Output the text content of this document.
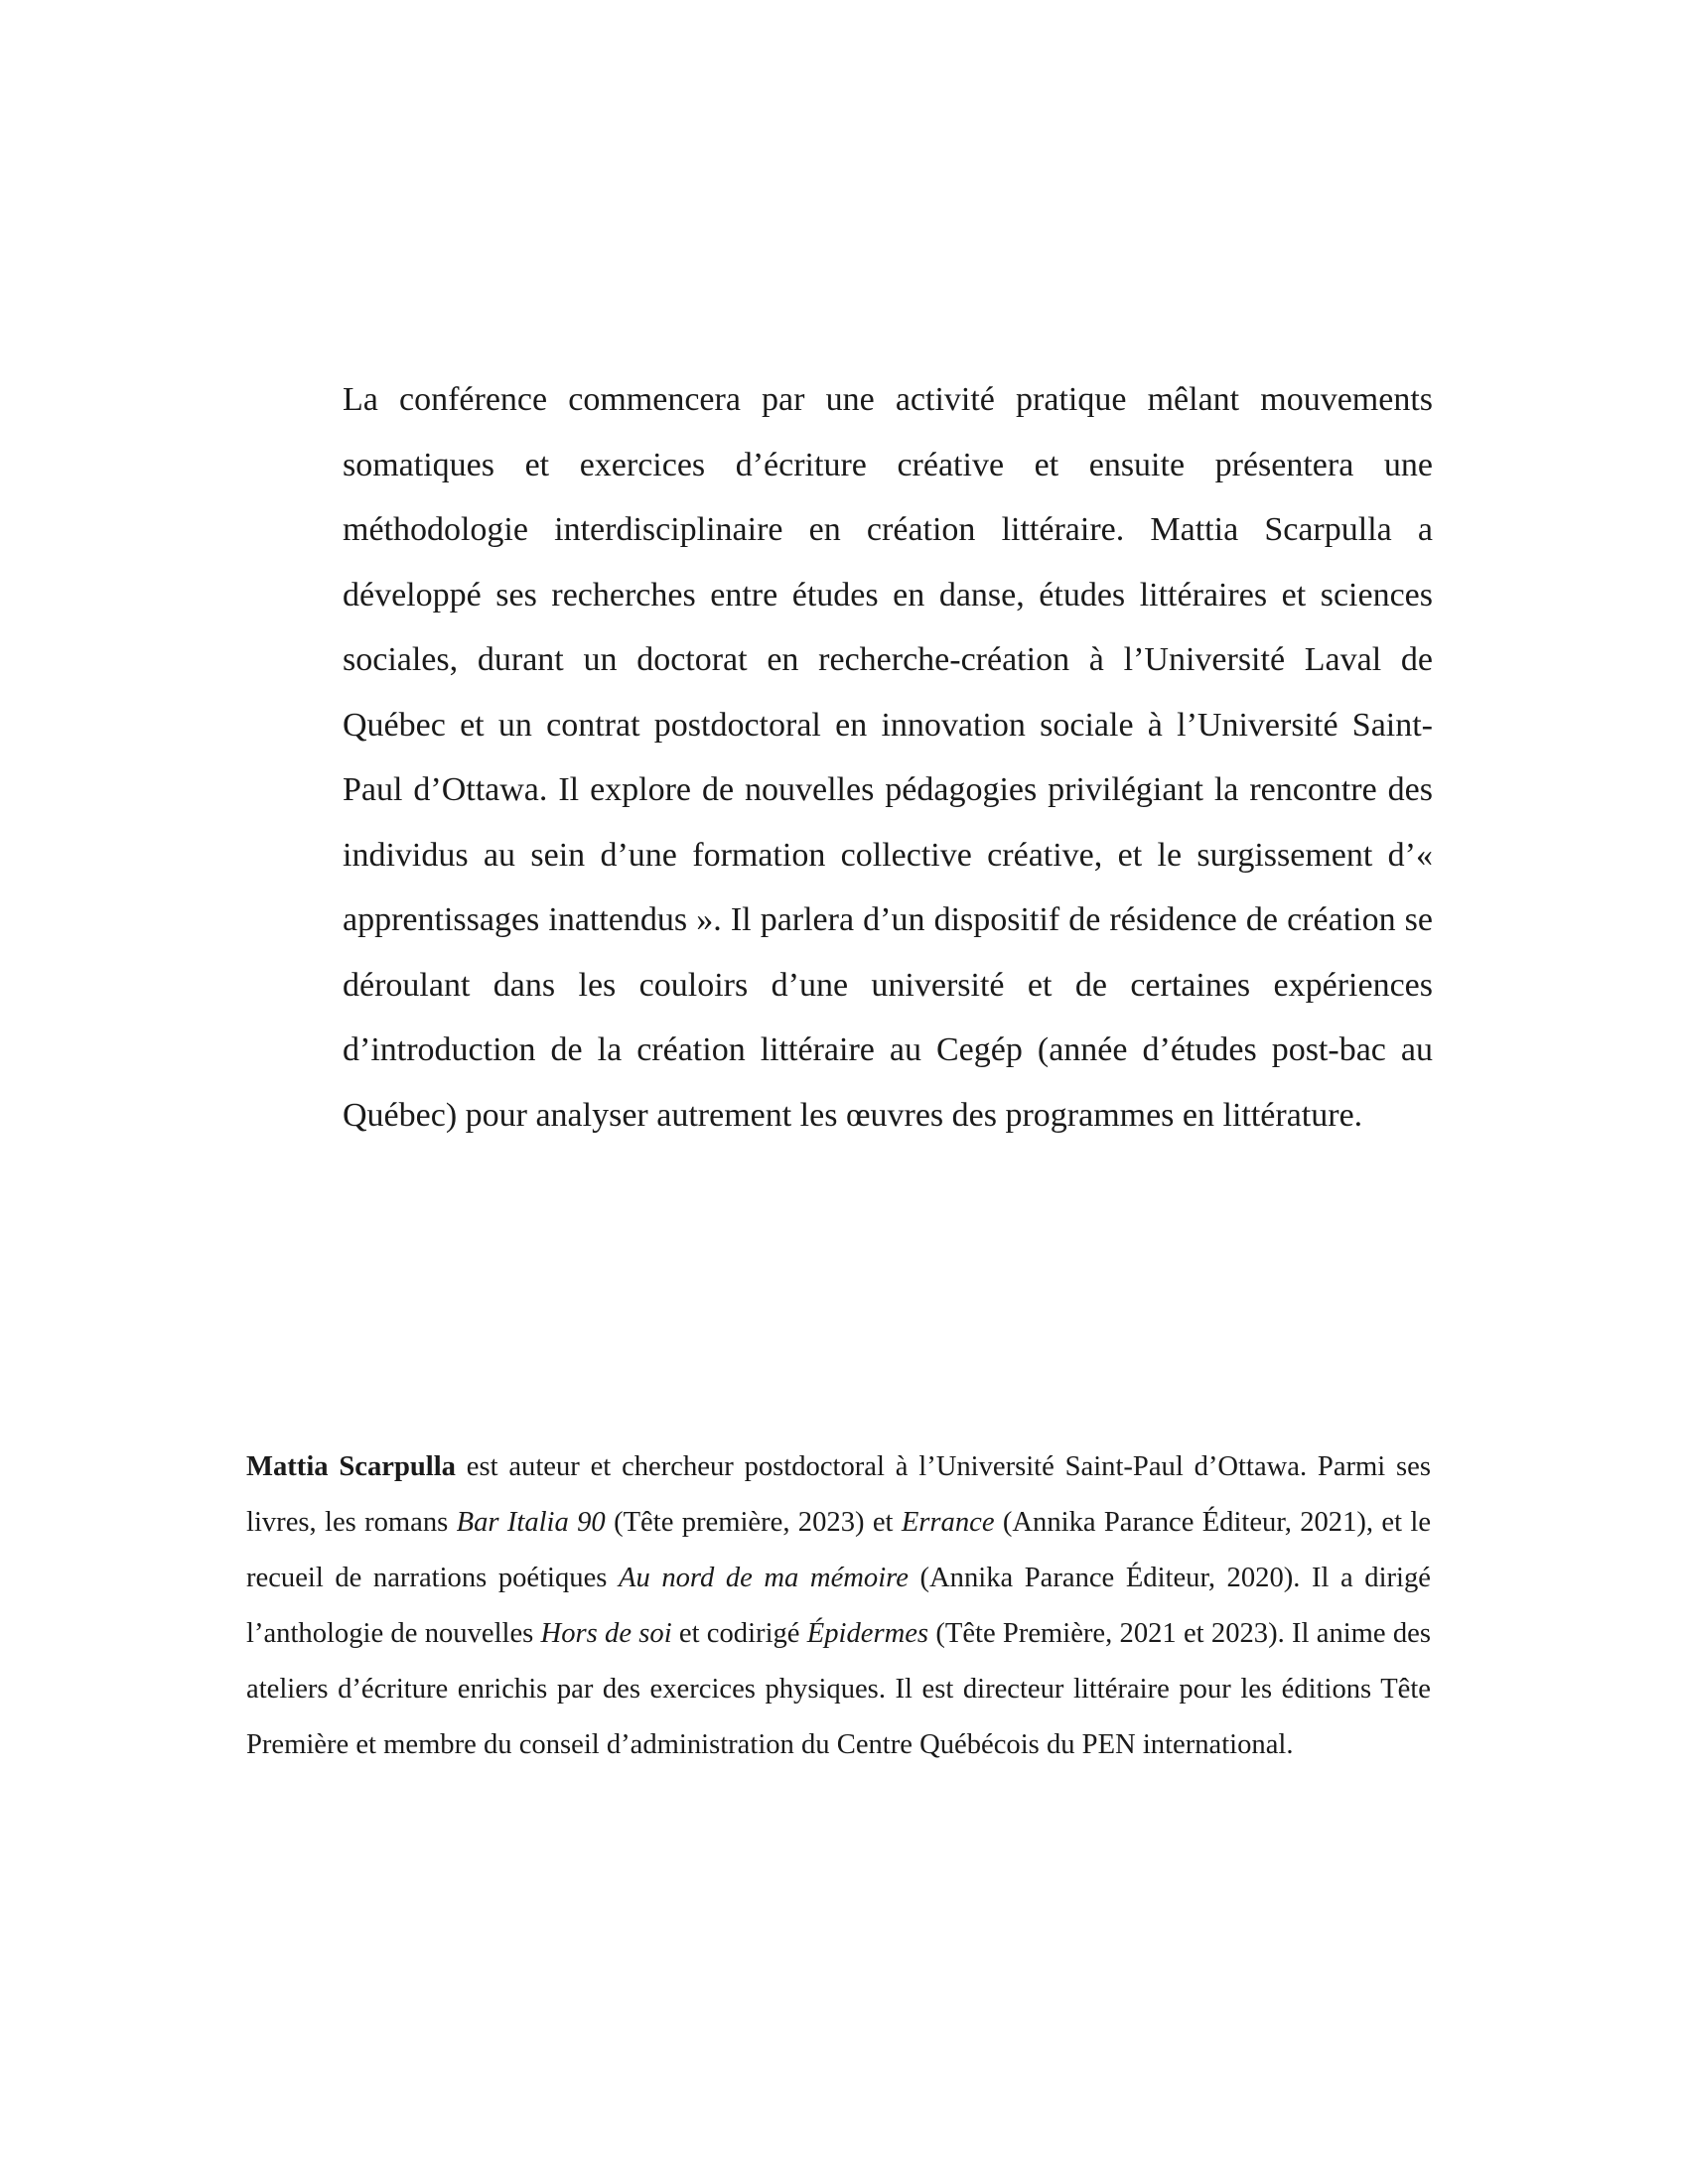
La conférence commencera par une activité pratique mêlant mouvements somatiques et exercices d’écriture créative et ensuite présentera une méthodologie interdisciplinaire en création littéraire. Mattia Scarpulla a développé ses recherches entre études en danse, études littéraires et sciences sociales, durant un doctorat en recherche-création à l’Université Laval de Québec et un contrat postdoctoral en innovation sociale à l’Université Saint-Paul d’Ottawa. Il explore de nouvelles pédagogies privilégiant la rencontre des individus au sein d’une formation collective créative, et le surgissement d’« apprentissages inattendus ». Il parlera d’un dispositif de résidence de création se déroulant dans les couloirs d’une université et de certaines expériences d’introduction de la création littéraire au Cegép (année d’études post-bac au Québec) pour analyser autrement les œuvres des programmes en littérature.

Mattia Scarpulla est auteur et chercheur postdoctoral à l’Université Saint-Paul d’Ottawa. Parmi ses livres, les romans Bar Italia 90 (Tête première, 2023) et Errance (Annika Parance Éditeur, 2021), et le recueil de narrations poétiques Au nord de ma mémoire (Annika Parance Éditeur, 2020). Il a dirigé l’anthologie de nouvelles Hors de soi et codirigé Épidermes (Tête Première, 2021 et 2023). Il anime des ateliers d’écriture enrichis par des exercices physiques. Il est directeur littéraire pour les éditions Tête Première et membre du conseil d’administration du Centre Québécois du PEN international.
